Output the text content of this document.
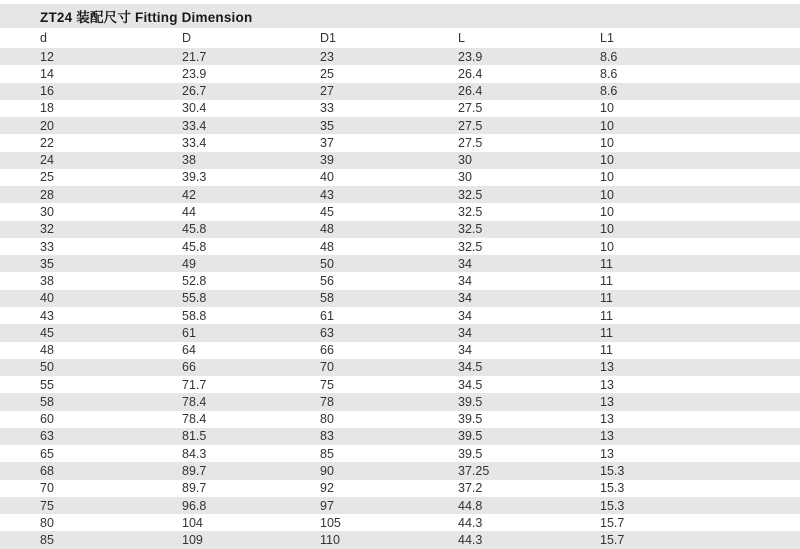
ZT24 装配尺寸 Fitting Dimension
d	D	D1	L	L1
12	21.7	23	23.9	8.6
14	23.9	25	26.4	8.6
16	26.7	27	26.4	8.6
18	30.4	33	27.5	10
20	33.4	35	27.5	10
22	33.4	37	27.5	10
24	38	39	30	10
25	39.3	40	30	10
28	42	43	32.5	10
30	44	45	32.5	10
32	45.8	48	32.5	10
33	45.8	48	32.5	10
35	49	50	34	11
38	52.8	56	34	11
40	55.8	58	34	11
43	58.8	61	34	11
45	61	63	34	11
48	64	66	34	11
50	66	70	34.5	13
55	71.7	75	34.5	13
58	78.4	78	39.5	13
60	78.4	80	39.5	13
63	81.5	83	39.5	13
65	84.3	85	39.5	13
68	89.7	90	37.25	15.3
70	89.7	92	37.2	15.3
75	96.8	97	44.8	15.3
80	104	105	44.3	15.7
85	109	110	44.3	15.7
